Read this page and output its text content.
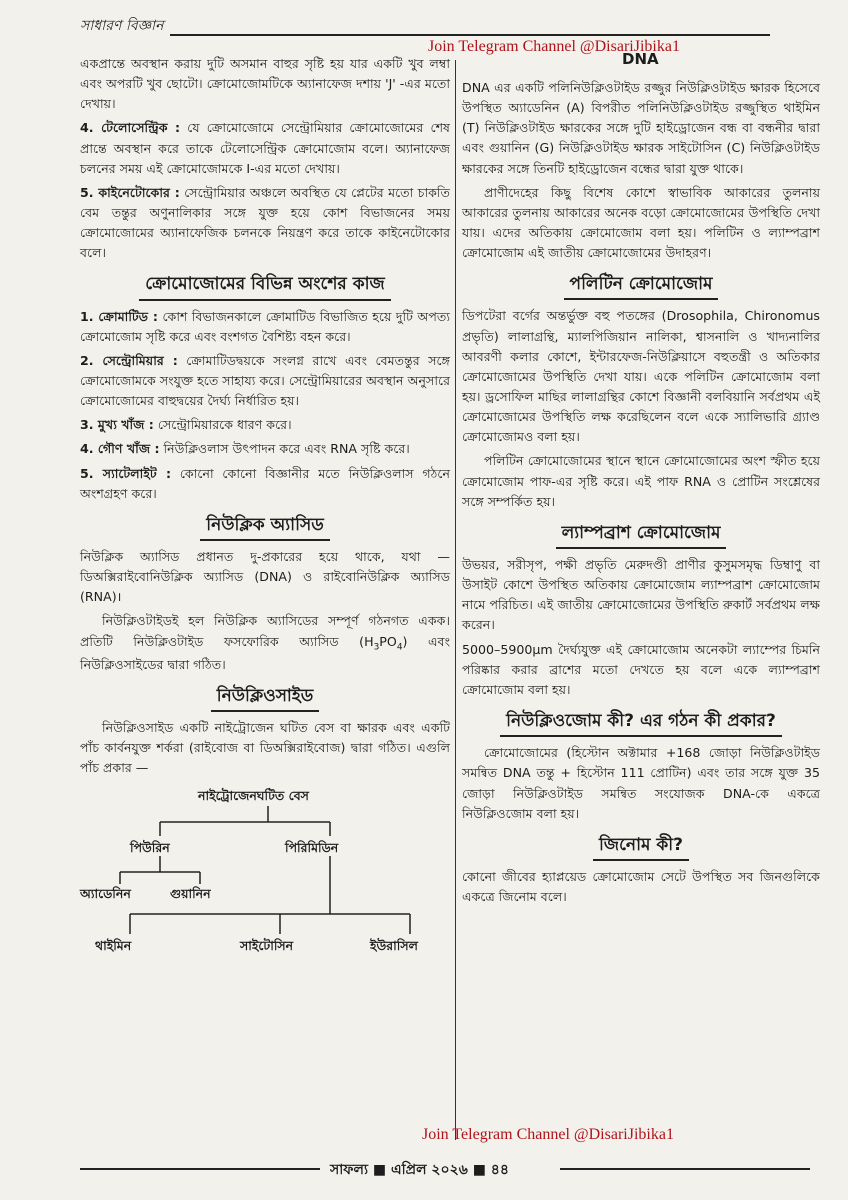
সাধারণ বিজ্ঞান
Join Telegram Channel @DisariJibika1
DNA

একপ্রান্তে অবস্থান করায় দুটি অসমান বাহুর সৃষ্টি হয় যার একটি খুব লম্বা এবং অপরটি খুব ছোটো। ক্রোমোজোমটিকে অ্যানাফেজ দশায় 'J' -এর মতো দেখায়।

4. টেলোসেন্ট্রিক : যে ক্রোমোজোমে সেন্ট্রোমিয়ার ক্রোমোজোমের শেষ প্রান্তে অবস্থান করে তাকে টেলোসেন্ট্রিক ক্রোমোজোম বলে। অ্যানাফেজ চলনের সময় এই ক্রোমোজোমকে I-এর মতো দেখায়।

5. কাইনেটোকোর : সেন্ট্রোমিয়ার অঞ্চলে অবস্থিত যে প্লেটের মতো চাকতি বেম তন্তুর অণুনালিকার সঙ্গে যুক্ত হয়ে কোশ বিভাজনের সময় ক্রোমোজোমের অ্যানাফেজিক চলনকে নিয়ন্ত্রণ করে তাকে কাইনেটোকোর বলে।

ক্রোমোজোমের বিভিন্ন অংশের কাজ

1. ক্রোমাটিড : কোশ বিভাজনকালে ক্রোমাটিড বিভাজিত হয়ে দুটি অপত্য ক্রোমোজোম সৃষ্টি করে এবং বংশগত বৈশিষ্ট্য বহন করে।

2. সেন্ট্রোমিয়ার : ক্রোমাটিডদ্বয়কে সংলগ্ন রাখে এবং বেমতন্তুর সঙ্গে ক্রোমোজোমকে সংযুক্ত হতে সাহায্য করে। সেন্ট্রোমিয়ারের অবস্থান অনুসারে ক্রোমোজোমের বাহুদ্বয়ের দৈর্ঘ্য নির্ধারিত হয়।

3. মুখ্য খাঁজ : সেন্ট্রোমিয়ারকে ধারণ করে।

4. গৌণ খাঁজ : নিউক্লিওলাস উৎপাদন করে এবং RNA সৃষ্টি করে।

5. স্যাটেলাইট : কোনো কোনো বিজ্ঞানীর মতে নিউক্লিওলাস গঠনে অংশগ্রহণ করে।

নিউক্লিক অ্যাসিড

নিউক্লিক অ্যাসিড প্রধানত দু-প্রকারের হয়ে থাকে, যথা — ডিঅক্সিরাইবোনিউক্লিক অ্যাসিড (DNA) ও রাইবোনিউক্লিক অ্যাসিড (RNA)।

নিউক্লিওটাইডই হল নিউক্লিক অ্যাসিডের সম্পূর্ণ গঠনগত একক। প্রতিটি নিউক্লিওটাইড ফসফোরিক অ্যাসিড $(H_3PO_4)$ এবং নিউক্লিওসাইডের দ্বারা গঠিত।

নিউক্লিওসাইড

নিউক্লিওসাইড একটি নাইট্রোজেন ঘটিত বেস বা ক্ষারক এবং একটি পাঁচ কার্বনযুক্ত শর্করা (রাইবোজ বা ডিঅক্সিরাইবোজ) দ্বারা গঠিত। এগুলি পাঁচ প্রকার —

নাইট্রোজেনঘটিত বেস
পিউরিন	পিরিমিডিন
অ্যাডেনিন	গুয়ানিন
থাইমিন	সাইটোসিন	ইউরাসিল

DNA এর একটি পলিনিউক্লিওটাইড রজ্জুর নিউক্লিওটাইড ক্ষারক হিসেবে উপস্থিত অ্যাডেনিন (A) বিপরীত পলিনিউক্লিওটাইড রজ্জুস্থিত থাইমিন (T) নিউক্লিওটাইড ক্ষারকের সঙ্গে দুটি হাইড্রোজেন বন্ধ বা বন্ধনীর দ্বারা এবং গুয়ানিন (G) নিউক্লিওটাইড ক্ষারক সাইটোসিন (C) নিউক্লিওটাইড ক্ষারকের সঙ্গে তিনটি হাইড্রোজেন বন্ধের দ্বারা যুক্ত থাকে।

প্রাণীদেহের কিছু বিশেষ কোশে স্বাভাবিক আকারের তুলনায় আকারের তুলনায় আকারের অনেক বড়ো ক্রোমোজোমের উপস্থিতি দেখা যায়। এদের অতিকায় ক্রোমোজোম বলা হয়। পলিটিন ও ল্যাম্পব্রাশ ক্রোমোজোম এই জাতীয় ক্রোমোজোমের উদাহরণ।

পলিটিন ক্রোমোজোম

ডিপটেরা বর্গের অন্তর্ভুক্ত বহু পতঙ্গের (Drosophila, Chironomus প্রভৃতি) লালাগ্রন্থি, ম্যালপিজিয়ান নালিকা, শ্বাসনালি ও খাদ্যনালির আবরণী কলার কোশে, ইন্টারফেজ-নিউক্লিয়াসে বহুতন্ত্রী ও অতিকার ক্রোমোজোমের উপস্থিতি দেখা যায়। একে পলিটিন ক্রোমোজোম বলা হয়। ড্রসোফিল মাছির লালাগ্রন্থির কোশে বিজ্ঞানী বলবিয়ানি সর্বপ্রথম এই ক্রোমোজোমের উপস্থিতি লক্ষ করেছিলেন বলে একে স্যালিভারি গ্র্যাণ্ড ক্রোমোজোমও বলা হয়।

পলিটিন ক্রোমোজোমের স্থানে স্থানে ক্রোমোজোমের অংশ স্ফীত হয়ে ক্রোমোজোম পাফ-এর সৃষ্টি করে। এই পাফ RNA ও প্রোটিন সংশ্লেষের সঙ্গে সম্পর্কিত হয়।

ল্যাম্পব্রাশ ক্রোমোজোম

উভয়র, সরীসৃপ, পক্ষী প্রভৃতি মেরুদণ্ডী প্রাণীর কুসুমসমৃদ্ধ ডিম্বাণু বা উসাইট কোশে উপস্থিত অতিকায় ক্রোমোজোম ল্যাম্পব্রাশ ক্রোমোজোম নামে পরিচিত। এই জাতীয় ক্রোমোজোমের উপস্থিতি রুকার্ট সর্বপ্রথম লক্ষ করেন।

5000–5900μm দৈর্ঘ্যযুক্ত এই ক্রোমোজোম অনেকটা ল্যাম্পের চিমনি পরিষ্কার করার ব্রাশের মতো দেখতে হয় বলে একে ল্যাম্পব্রাশ ক্রোমোজোম বলা হয়।

নিউক্লিওজোম কী? এর গঠন কী প্রকার?

ক্রোমোজোমের (হিস্টোন অক্টামার +168 জোড়া নিউক্লিওটাইড সমন্বিত DNA তন্তু + হিস্টোন 111 প্রোটিন) এবং তার সঙ্গে যুক্ত 35 জোড়া নিউক্লিওটাইড সমন্বিত সংযোজক DNA-কে একত্রে নিউক্লিওজোম বলা হয়।

জিনোম কী?

কোনো জীবের হ্যাপ্লয়েড ক্রোমোজোম সেটে উপস্থিত সব জিনগুলিকে একত্রে জিনোম বলে।

Join Telegram Channel @DisariJibika1
সাফল্য ■ এপ্রিল ২০২৬ ■ ৪৪
